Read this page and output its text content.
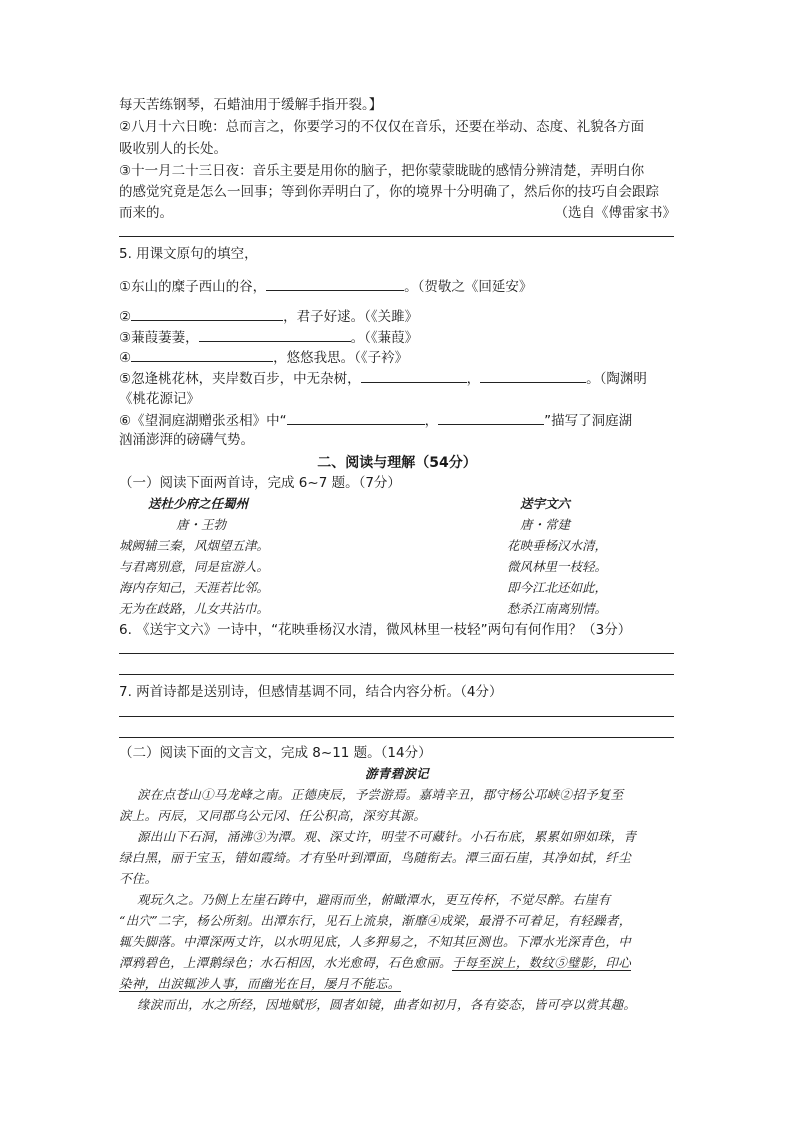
每天苦练钢琴，石蜡油用于缓解手指开裂。】
②八月十六日晚：总而言之，你要学习的不仅仅在音乐，还要在举动、态度、礼貌各方面
吸收别人的长处。
③十一月二十三日夜：音乐主要是用你的脑子，把你蒙蒙眬眬的感情分辨清楚，弄明白你
的感觉究竟是怎么一回事；等到你弄明白了，你的境界十分明确了，然后你的技巧自会跟踪
而来的。	（选自《傅雷家书》
5. 用课文原句的填空，
①东山的糜子西山的谷，	。（贺敬之《回延安》
②	，君子好逑。（《关雎》
③蒹葭萋萋，	。（《蒹葭》
④	，悠悠我思。（《子衿》
⑤忽逢桃花林，夹岸数百步，中无杂树，	，	。（陶渊明
《桃花源记》
⑥《望洞庭湖赠张丞相》中“	，	”描写了洞庭湖
汹涌澎湃的磅礴气势。
二、阅读与理解（54分）
（一）阅读下面两首诗，完成 6~7 题。（7分）
送杜少府之任蜀州
唐・王勃
城阙辅三秦，风烟望五津。
与君离别意，同是宦游人。
海内存知己，天涯若比邻。
无为在歧路，儿女共沾巾。
送宇文六
唐・常建
花映垂杨汉水清，
微风林里一枝轻。
即今江北还如此，
愁杀江南离别情。
6. 《送宇文六》一诗中，“花映垂杨汉水清，微风林里一枝轻”两句有何作用？（3分）
7. 两首诗都是送别诗，但感情基调不同，结合内容分析。（4分）
（二）阅读下面的文言文，完成 8~11 题。（14分）
游青碧涙记
涙在点苍山①马龙峰之南。正德庚辰，予尝游焉。嘉靖辛丑，郡守杨公邛峡②招予复至
涙上。丙辰，又同郡乌公元冈、任公积高，深穷其源。
源出山下石洞，涌沸③为潭。观、深丈许，明莹不可藏针。小石布底，累累如卵如珠，青
绿白黑，丽于宝玉，错如霞绮。才有坠叶到潭面，鸟随衔去。潭三面石崖，其净如拭，纤尘
不住。
观玩久之。乃侧上左崖石踌中，避雨而坐，俯瞰潭水，更互传杯，不觉尽醉。右崖有
“出穴”二字，杨公所刻。出潭东行，见石上流泉，渐靡④成梁，最滑不可着足，有轻躁者，
辄失脚落。中潭深两丈许，以水明见底，人多狎易之，不知其叵测也。下潭水光深青色，中
潭鸦碧色，上潭鹅绿色；水石相因，水光愈碍，石色愈丽。于每至涙上，数纹⑤璧影，印心
染神，出涙辄涉人事，而幽光在目，屡月不能忘。
缘涙而出，水之所经，因地赋形，圆者如镜，曲者如初月，各有姿态，皆可亭以赏其趣。
